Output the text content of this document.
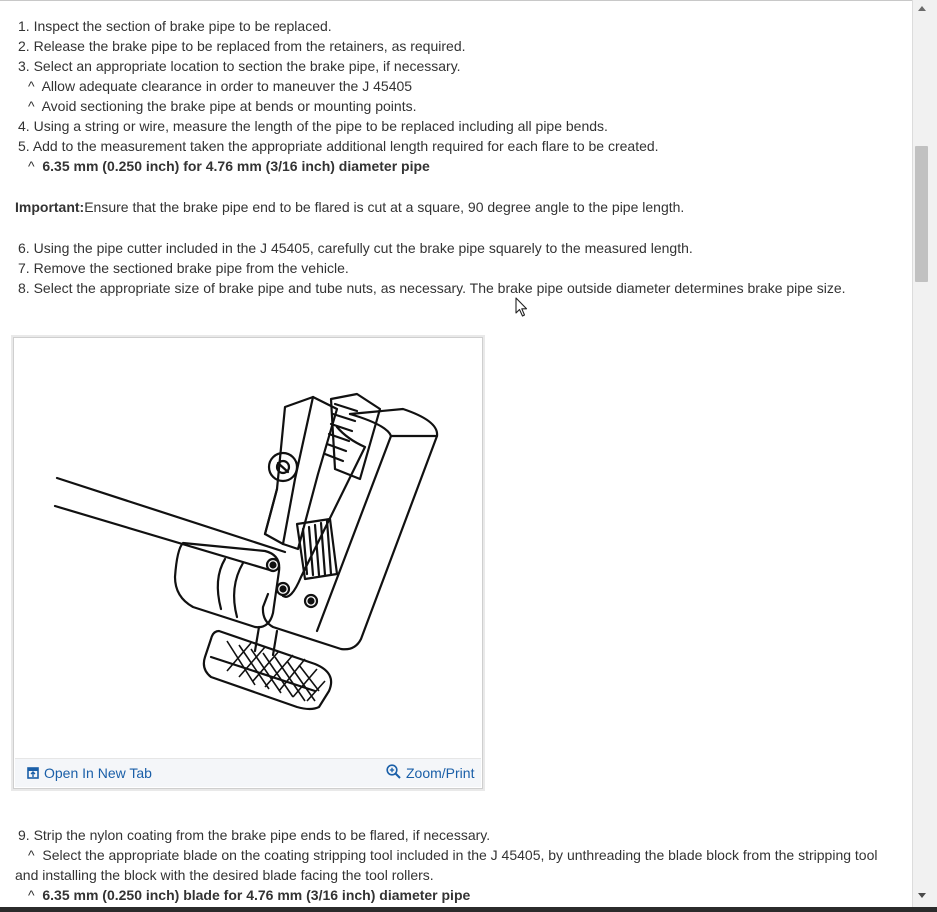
1. Inspect the section of brake pipe to be replaced.
2. Release the brake pipe to be replaced from the retainers, as required.
3. Select an appropriate location to section the brake pipe, if necessary.
^ Allow adequate clearance in order to maneuver the J 45405
^ Avoid sectioning the brake pipe at bends or mounting points.
4. Using a string or wire, measure the length of the pipe to be replaced including all pipe bends.
5. Add to the measurement taken the appropriate additional length required for each flare to be created.
^ 6.35 mm (0.250 inch) for 4.76 mm (3/16 inch) diameter pipe
Important:Ensure that the brake pipe end to be flared is cut at a square, 90 degree angle to the pipe length.
6. Using the pipe cutter included in the J 45405, carefully cut the brake pipe squarely to the measured length.
7. Remove the sectioned brake pipe from the vehicle.
8. Select the appropriate size of brake pipe and tube nuts, as necessary. The brake pipe outside diameter determines brake pipe size.
9. Strip the nylon coating from the brake pipe ends to be flared, if necessary.
^ Select the appropriate blade on the coating stripping tool included in the J 45405, by unthreading the blade block from the stripping tool
and installing the block with the desired blade facing the tool rollers.
^ 6.35 mm (0.250 inch) blade for 4.76 mm (3/16 inch) diameter pipe
Open In New Tab	Zoom/Print
